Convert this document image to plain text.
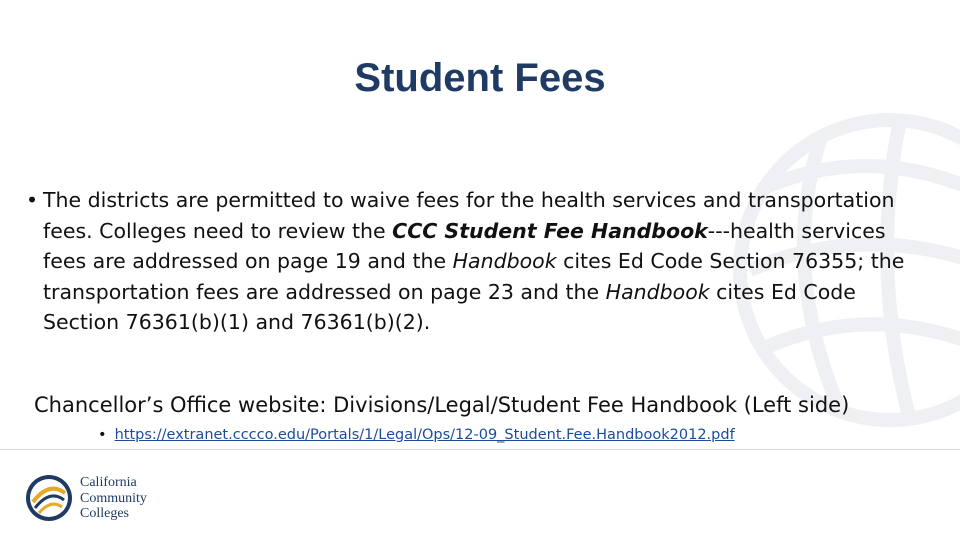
Student Fees
• The districts are permitted to waive fees for the health services and transportation fees. Colleges need to review the CCC Student Fee Handbook---health services fees are addressed on page 19 and the Handbook cites Ed Code Section 76355; the transportation fees are addressed on page 23 and the Handbook cites Ed Code Section 76361(b)(1) and 76361(b)(2).
Chancellor’s Office website: Divisions/Legal/Student Fee Handbook (Left side)
• https://extranet.cccco.edu/Portals/1/Legal/Ops/12-09_Student.Fee.Handbook2012.pdf
California
Community
Colleges
